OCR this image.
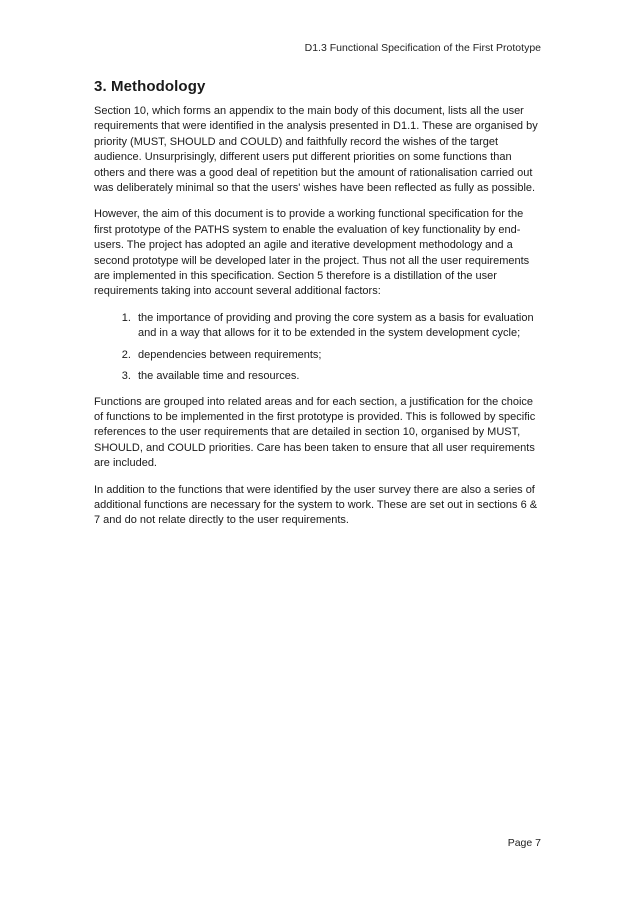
D1.3 Functional Specification of the First Prototype
3. Methodology

Section 10, which forms an appendix to the main body of this document, lists all the user requirements that were identified in the analysis presented in D1.1. These are organised by priority (MUST, SHOULD and COULD) and faithfully record the wishes of the target audience. Unsurprisingly, different users put different priorities on some functions than others and there was a good deal of repetition but the amount of rationalisation carried out was deliberately minimal so that the users' wishes have been reflected as fully as possible.

However, the aim of this document is to provide a working functional specification for the first prototype of the PATHS system to enable the evaluation of key functionality by end-users. The project has adopted an agile and iterative development methodology and a second prototype will be developed later in the project. Thus not all the user requirements are implemented in this specification. Section 5 therefore is a distillation of the user requirements taking into account several additional factors:

1. the importance of providing and proving the core system as a basis for evaluation and in a way that allows for it to be extended in the system development cycle;
2. dependencies between requirements;
3. the available time and resources.

Functions are grouped into related areas and for each section, a justification for the choice of functions to be implemented in the first prototype is provided. This is followed by specific references to the user requirements that are detailed in section 10, organised by MUST, SHOULD, and COULD priorities. Care has been taken to ensure that all user requirements are included.

In addition to the functions that were identified by the user survey there are also a series of additional functions are necessary for the system to work. These are set out in sections 6 & 7 and do not relate directly to the user requirements.

Page 7
